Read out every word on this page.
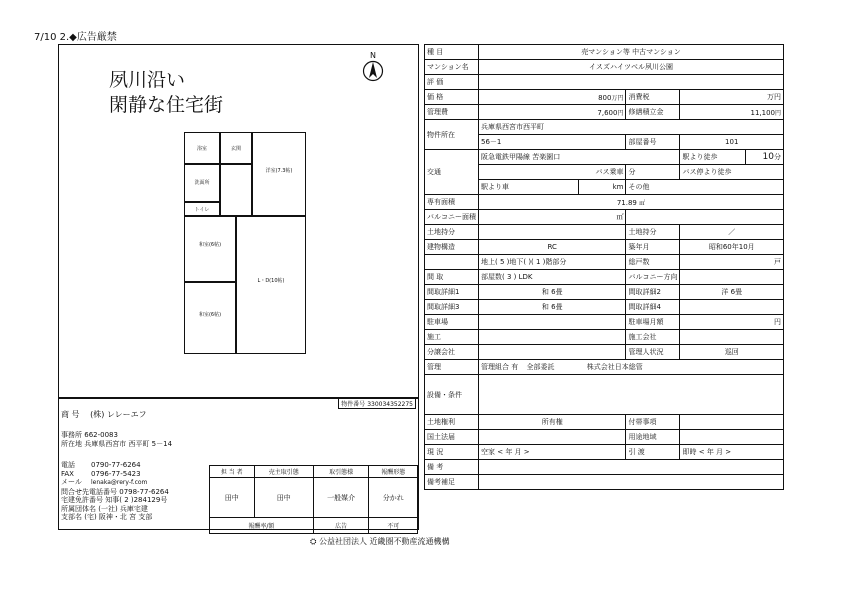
7/10 2.◆広告厳禁
夙川沿い
閑静な住宅街
N
浴室	玄関
洋室(7.3帖)
洗面所
トイレ
和室(6帖)
L・D(10帖)
和室(6帖)
物件番号 330034352275
商 号 (株) レレーエフ
事務所 662-0083
所在地 兵庫県西宮市 西平町 5－14
電話 0790-77-6264
FAX 0796-77-5423
メール lenaka@rery-f.com
問合せ先電話番号 0798-77-6264
宅建免許番号 知事( 2 )284129号
所属団体名 (一社) 兵庫宅建
支部名 (宅) 阪神・北 宮 支部
担 当 者	売主取引態	取引態様	報酬形態
田中	田中	一般媒介	分かれ
報酬率/額		広告	不可
種 目	売マンション等 中古マンション				
マンション名	イスズハイツベル夙川公園				
評 価					
価 格	800万円		消費税	万円	
管理費	7,600円		修繕積立金	11,100円	
物件所在	兵庫県西宮市西平町				
	56－1		部屋番号	101	
交通	阪急電鉄甲陽線 苦楽園口			駅より徒歩	10分
	バス乗車		分	バス停より徒歩	
	駅より車	km	その他		
専有面積	71.89 ㎡				
バルコニー面積	㎡				
土地持分			土地持分	／	
建物構造	RC		築年月	昭和60年10月	
	地上( 5 )地下( )( 1 )階部分		総戸数	戸	
間 取	部屋数( 3 ) LDK		バルコニー方向		
間取詳細1	和 6畳		間取詳細2	洋 6畳	
間取詳細3	和 6畳		間取詳細4		
駐車場			駐車場月額	円	
施工			施工会社		
分譲会社			管理人状況	巡回	
管理	管理組合 有 全部委託 株式会社日本総管				
設備・条件					
土地権利	所有権		付帯事項		
国土法届			用途地域		
現 況	空家 < 年 月 >		引 渡	即時 < 年 月 >	
備 考					
備考補足					
⛭ 公益社団法人 近畿圏不動産流通機構
